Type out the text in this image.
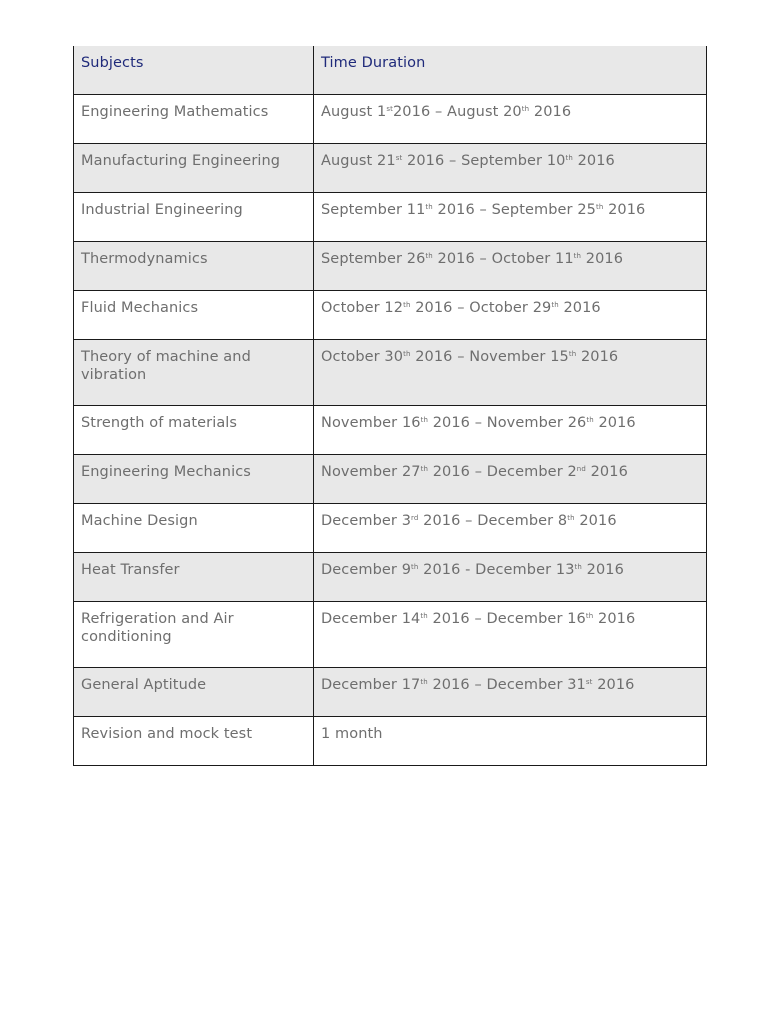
Subjects	Time Duration
Engineering Mathematics	August 1st2016 – August 20th 2016
Manufacturing Engineering	August 21st 2016 – September 10th 2016
Industrial Engineering	September 11th 2016 – September 25th 2016
Thermodynamics	September 26th 2016 – October 11th 2016
Fluid Mechanics	October 12th 2016 – October 29th 2016
Theory of machine and vibration	October 30th 2016 – November 15th 2016
Strength of materials	November 16th 2016 – November 26th 2016
Engineering Mechanics	November 27th 2016 – December 2nd 2016
Machine Design	December 3rd 2016 – December 8th 2016
Heat Transfer	December 9th 2016 - December 13th 2016
Refrigeration and Air conditioning	December 14th 2016 – December 16th 2016
General Aptitude	December 17th 2016 – December 31st 2016
Revision and mock test	1 month
